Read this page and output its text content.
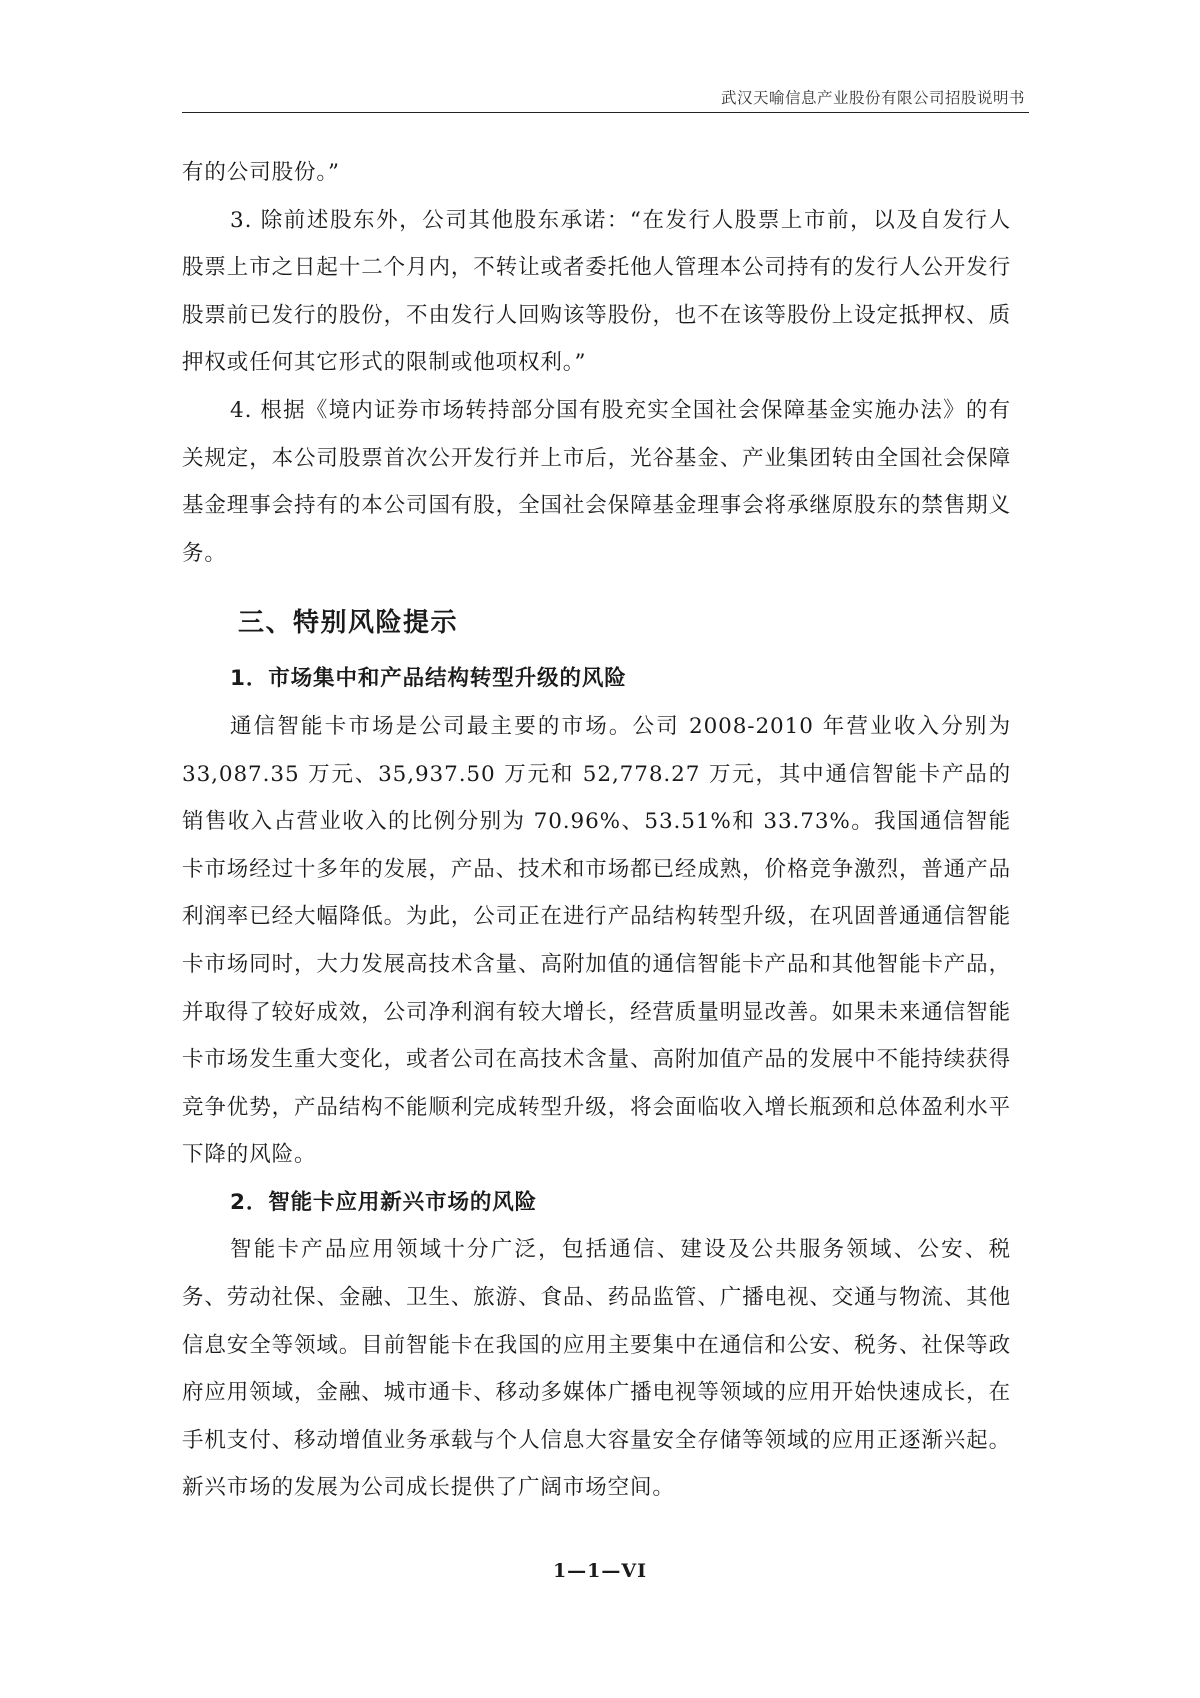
武汉天喻信息产业股份有限公司招股说明书

有的公司股份。”

3. 除前述股东外，公司其他股东承诺：“在发行人股票上市前，以及自发行人股票上市之日起十二个月内，不转让或者委托他人管理本公司持有的发行人公开发行股票前已发行的股份，不由发行人回购该等股份，也不在该等股份上设定抵押权、质押权或任何其它形式的限制或他项权利。”

4. 根据《境内证券市场转持部分国有股充实全国社会保障基金实施办法》的有关规定，本公司股票首次公开发行并上市后，光谷基金、产业集团转由全国社会保障基金理事会持有的本公司国有股，全国社会保障基金理事会将承继原股东的禁售期义务。

三、特别风险提示
1．市场集中和产品结构转型升级的风险

通信智能卡市场是公司最主要的市场。公司 2008-2010 年营业收入分别为 33,087.35 万元、35,937.50 万元和 52,778.27 万元，其中通信智能卡产品的销售收入占营业收入的比例分别为 70.96%、53.51%和 33.73%。我国通信智能卡市场经过十多年的发展，产品、技术和市场都已经成熟，价格竞争激烈，普通产品利润率已经大幅降低。为此，公司正在进行产品结构转型升级，在巩固普通通信智能卡市场同时，大力发展高技术含量、高附加值的通信智能卡产品和其他智能卡产品，并取得了较好成效，公司净利润有较大增长，经营质量明显改善。如果未来通信智能卡市场发生重大变化，或者公司在高技术含量、高附加值产品的发展中不能持续获得竞争优势，产品结构不能顺利完成转型升级，将会面临收入增长瓶颈和总体盈利水平下降的风险。

2．智能卡应用新兴市场的风险

智能卡产品应用领域十分广泛，包括通信、建设及公共服务领域、公安、税务、劳动社保、金融、卫生、旅游、食品、药品监管、广播电视、交通与物流、其他信息安全等领域。目前智能卡在我国的应用主要集中在通信和公安、税务、社保等政府应用领域，金融、城市通卡、移动多媒体广播电视等领域的应用开始快速成长，在手机支付、移动增值业务承载与个人信息大容量安全存储等领域的应用正逐渐兴起。新兴市场的发展为公司成长提供了广阔市场空间。

1—1—VI
